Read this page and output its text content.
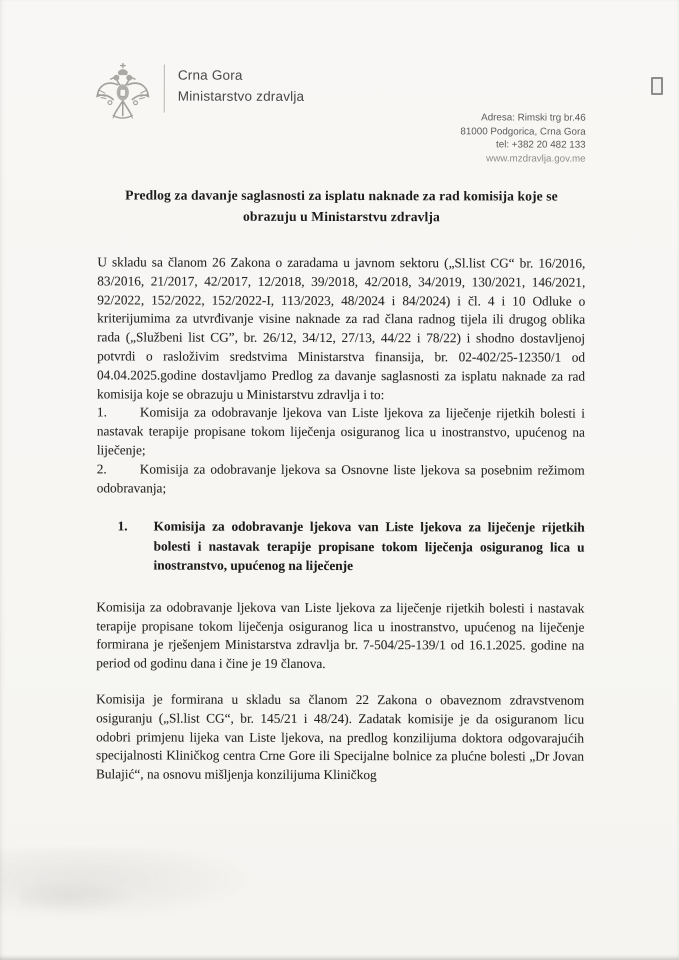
Crna Gora
Ministarstvo zdravlja
Adresa: Rimski trg br.46
81000 Podgorica, Crna Gora
tel: +382 20 482 133
www.mzdravlja.gov.me
Predlog za davanje saglasnosti za isplatu naknade za rad komisija koje se obrazuju u Ministarstvu zdravlja

U skladu sa članom 26 Zakona o zaradama u javnom sektoru („Sl.list CG“ br. 16/2016, 83/2016, 21/2017, 42/2017, 12/2018, 39/2018, 42/2018, 34/2019, 130/2021, 146/2021, 92/2022, 152/2022, 152/2022-I, 113/2023, 48/2024 i 84/2024) i čl. 4 i 10 Odluke o kriterijumima za utvrđivanje visine naknade za rad člana radnog tijela ili drugog oblika rada („Službeni list CG”, br. 26/12, 34/12, 27/13, 44/22 i 78/22) i shodno dostavljenoj potvrdi o rasloživim sredstvima Ministarstva finansija, br. 02-402/25-12350/1 od 04.04.2025.godine dostavljamo Predlog za davanje saglasnosti za isplatu naknade za rad komisija koje se obrazuju u Ministarstvu zdravlja i to:

1. Komisija za odobravanje ljekova van Liste ljekova za liječenje rijetkih bolesti i nastavak terapije propisane tokom liječenja osiguranog lica u inostranstvo, upućenog na liječenje;

2. Komisija za odobravanje ljekova sa Osnovne liste ljekova sa posebnim režimom odobravanja;

1.	Komisija za odobravanje ljekova van Liste ljekova za liječenje rijetkih bolesti i nastavak terapije propisane tokom liječenja osiguranog lica u inostranstvo, upućenog na liječenje

Komisija za odobravanje ljekova van Liste ljekova za liječenje rijetkih bolesti i nastavak terapije propisane tokom liječenja osiguranog lica u inostranstvo, upućenog na liječenje formirana je rješenjem Ministarstva zdravlja br. 7-504/25-139/1 od 16.1.2025. godine na period od godinu dana i čine je 19 članova.

Komisija je formirana u skladu sa članom 22 Zakona o obaveznom zdravstvenom osiguranju („Sl.list CG“, br. 145/21 i 48/24). Zadatak komisije je da osiguranom licu odobri primjenu lijeka van Liste ljekova, na predlog konzilijuma doktora odgovarajućih specijalnosti Kliničkog centra Crne Gore ili Specijalne bolnice za plućne bolesti „Dr Jovan Bulajić“, na osnovu mišljenja konzilijuma Kliničkog
